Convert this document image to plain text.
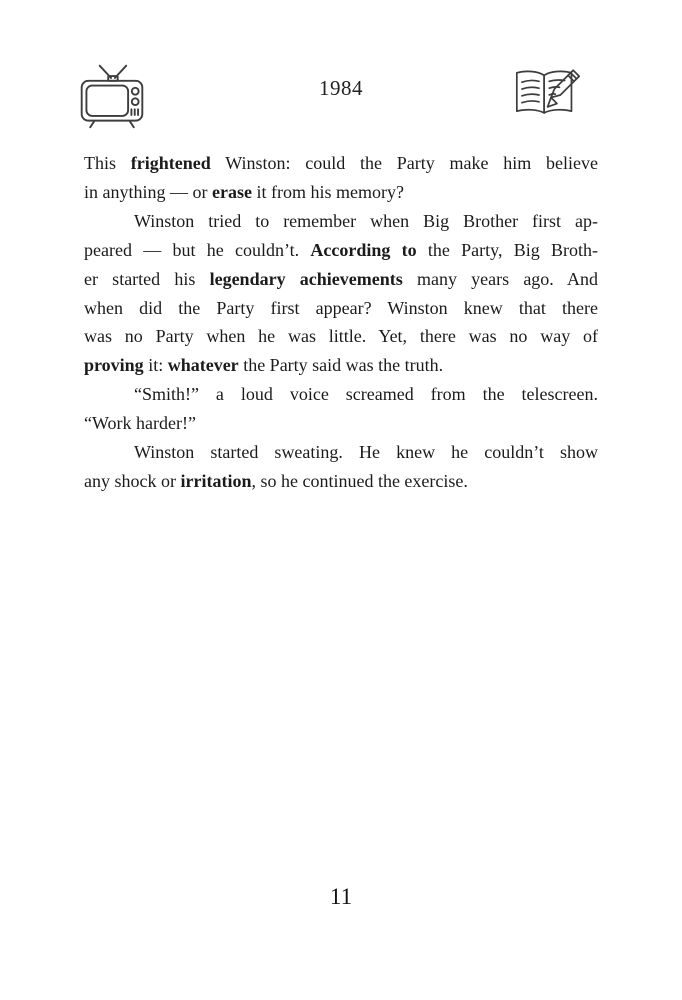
1984
This frightened Winston: could the Party make him believe
in anything — or erase it from his memory?
Winston tried to remember when Big Brother first ap-
peared — but he couldn’t. According to the Party, Big Broth-
er started his legendary achievements many years ago. And
when did the Party first appear? Winston knew that there
was no Party when he was little. Yet, there was no way of
proving it: whatever the Party said was the truth.
“Smith!” a loud voice screamed from the telescreen.
“Work harder!”
Winston started sweating. He knew he couldn’t show
any shock or irritation, so he continued the exercise.
11
